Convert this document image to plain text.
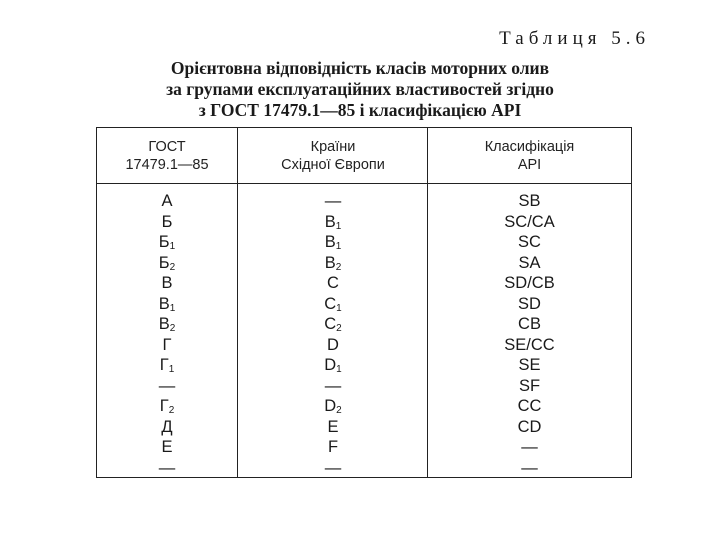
Таблиця 5.6
Орієнтовна відповідність класів моторних олив
за групами експлуатаційних властивостей згідно
з ГОСТ 17479.1—85 і класифікацією API
ГОСТ
17479.1—85
А
Б
$Б_1$
$Б_2$
В
$В_1$
$В_2$
Г
$Г_1$
—
$Г_2$
Д
Е
—
Країни
Східної Європи
—
$В_1$
$В_1$
$В_2$
С
$С_1$
$С_2$
D
$D_1$
—
$D_2$
Е
F
—
Класифікація
API
SB
SC/CA
SC
SA
SD/CB
SD
CB
SE/CC
SE
SF
CC
CD
—
—
